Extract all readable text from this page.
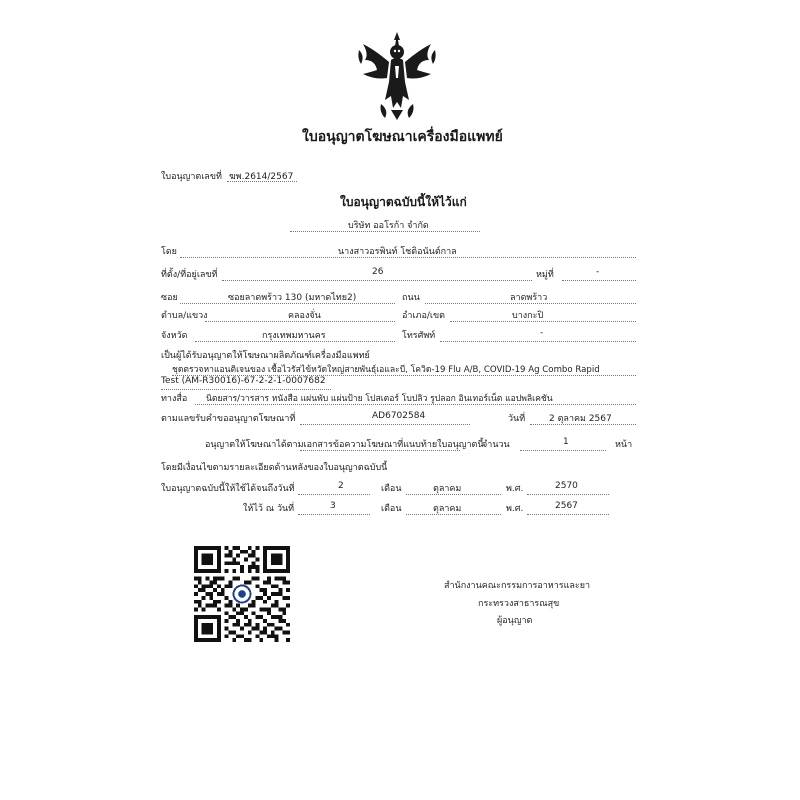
ใบอนุญาตโฆษณาเครื่องมือแพทย์
ใบอนุญาตเลขที่ ฆพ.2614/2567
ใบอนุญาตฉบับนี้ให้ไว้แก่
บริษัท ออโรก้า จำกัด
โดย	นางสาวอรพินท์ โชติอนันต์กาล
ที่ตั้ง/ที่อยู่เลขที่	26	หมู่ที่	-
ซอย	ซอยลาดพร้าว 130 (มหาดไทย2)	ถนน	ลาดพร้าว
ตำบล/แขวง	คลองจั่น	อำเภอ/เขต	บางกะปิ
จังหวัด	กรุงเทพมหานคร	โทรศัพท์	-
เป็นผู้ได้รับอนุญาตให้โฆษณาผลิตภัณฑ์เครื่องมือแพทย์
ชุดตรวจหาแอนติเจนของ เชื้อไวรัสไข้หวัดใหญ่สายพันธุ์เอและบี, โควิด-19 Flu A/B, COVID-19 Ag Combo Rapid
Test (AM-R30016)-67-2-2-1-0007682
ทางสื่อ นิตยสาร/วารสาร หนังสือ แผ่นพับ แผ่นป้าย โปสเตอร์ โบปลิว รูปลอก อินเทอร์เน็ต แอปพลิเคชัน
ตามแลขรับคำขออนุญาตโฆษณาที่	AD6702584	วันที่	2 ตุลาคม 2567
อนุญาตให้โฆษณาได้ตามเอกสารข้อความโฆษณาที่แนบท้ายใบอนุญาตนี้
จำนวน	1	หน้า
โดยมีเงื่อนไขตามรายละเอียดด้านหลังของใบอนุญาตฉบับนี้
ใบอนุญาตฉบับนี้ให้ใช้ได้จนถึงวันที่	2	เดือน	ตุลาคม	พ.ศ.	2570
ให้ไว้ ณ วันที่	3	เดือน	ตุลาคม	พ.ศ.	2567
สำนักงานคณะกรรมการอาหารและยา
กระทรวงสาธารณสุข
ผู้อนุญาต
